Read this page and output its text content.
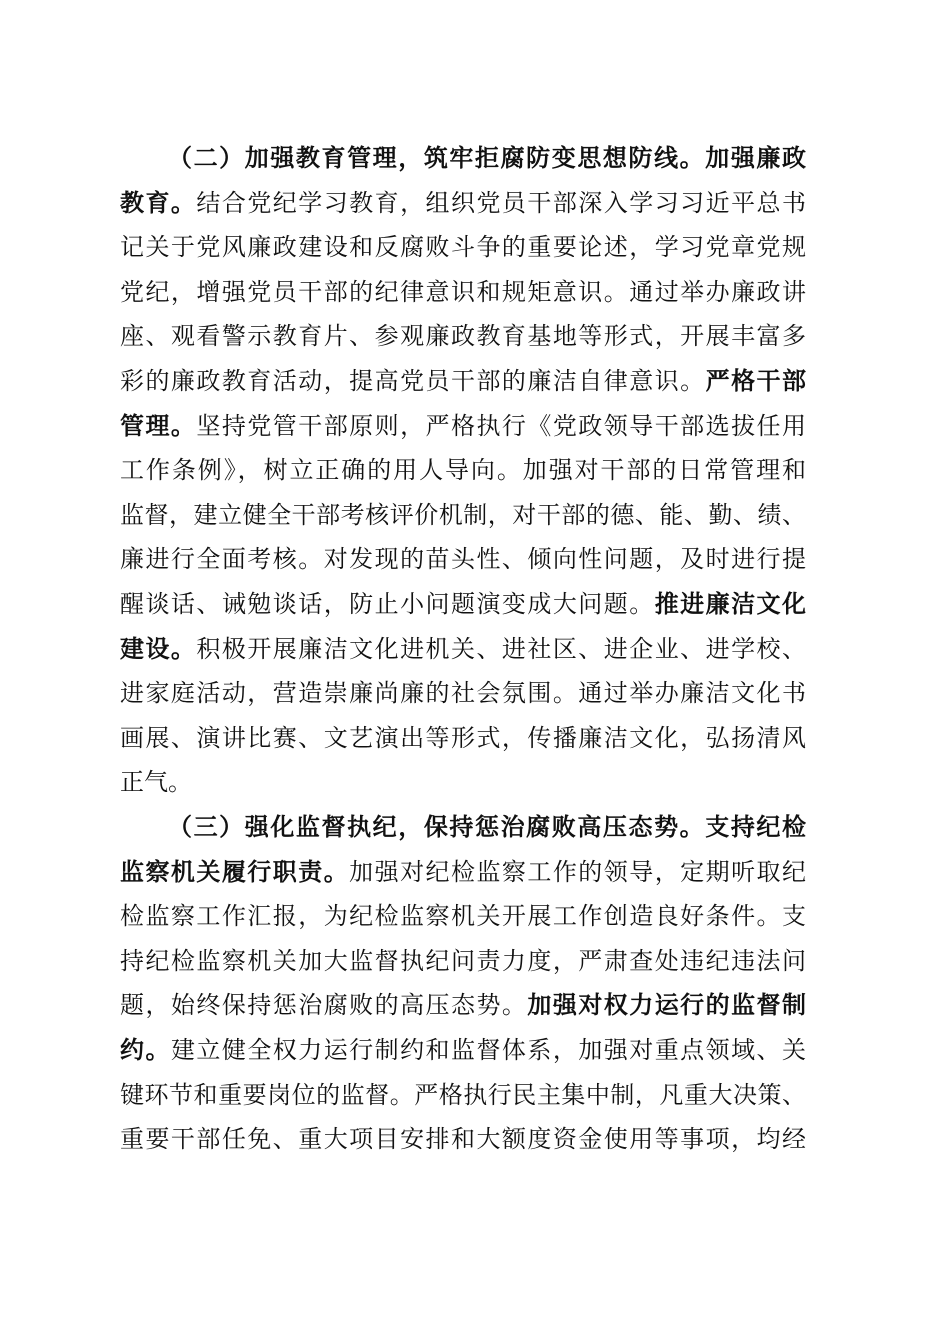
（二）加强教育管理，筑牢拒腐防变思想防线。加强廉政
教育。结合党纪学习教育，组织党员干部深入学习习近平总书
记关于党风廉政建设和反腐败斗争的重要论述，学习党章党规
党纪，增强党员干部的纪律意识和规矩意识。通过举办廉政讲
座、观看警示教育片、参观廉政教育基地等形式，开展丰富多
彩的廉政教育活动，提高党员干部的廉洁自律意识。严格干部
管理。坚持党管干部原则，严格执行《党政领导干部选拔任用
工作条例》，树立正确的用人导向。加强对干部的日常管理和
监督，建立健全干部考核评价机制，对干部的德、能、勤、绩、
廉进行全面考核。对发现的苗头性、倾向性问题，及时进行提
醒谈话、诫勉谈话，防止小问题演变成大问题。推进廉洁文化
建设。积极开展廉洁文化进机关、进社区、进企业、进学校、
进家庭活动，营造崇廉尚廉的社会氛围。通过举办廉洁文化书
画展、演讲比赛、文艺演出等形式，传播廉洁文化，弘扬清风
正气。
（三）强化监督执纪，保持惩治腐败高压态势。支持纪检
监察机关履行职责。加强对纪检监察工作的领导，定期听取纪
检监察工作汇报，为纪检监察机关开展工作创造良好条件。支
持纪检监察机关加大监督执纪问责力度，严肃查处违纪违法问
题，始终保持惩治腐败的高压态势。加强对权力运行的监督制
约。建立健全权力运行制约和监督体系，加强对重点领域、关
键环节和重要岗位的监督。严格执行民主集中制，凡重大决策、
重要干部任免、重大项目安排和大额度资金使用等事项，均经
